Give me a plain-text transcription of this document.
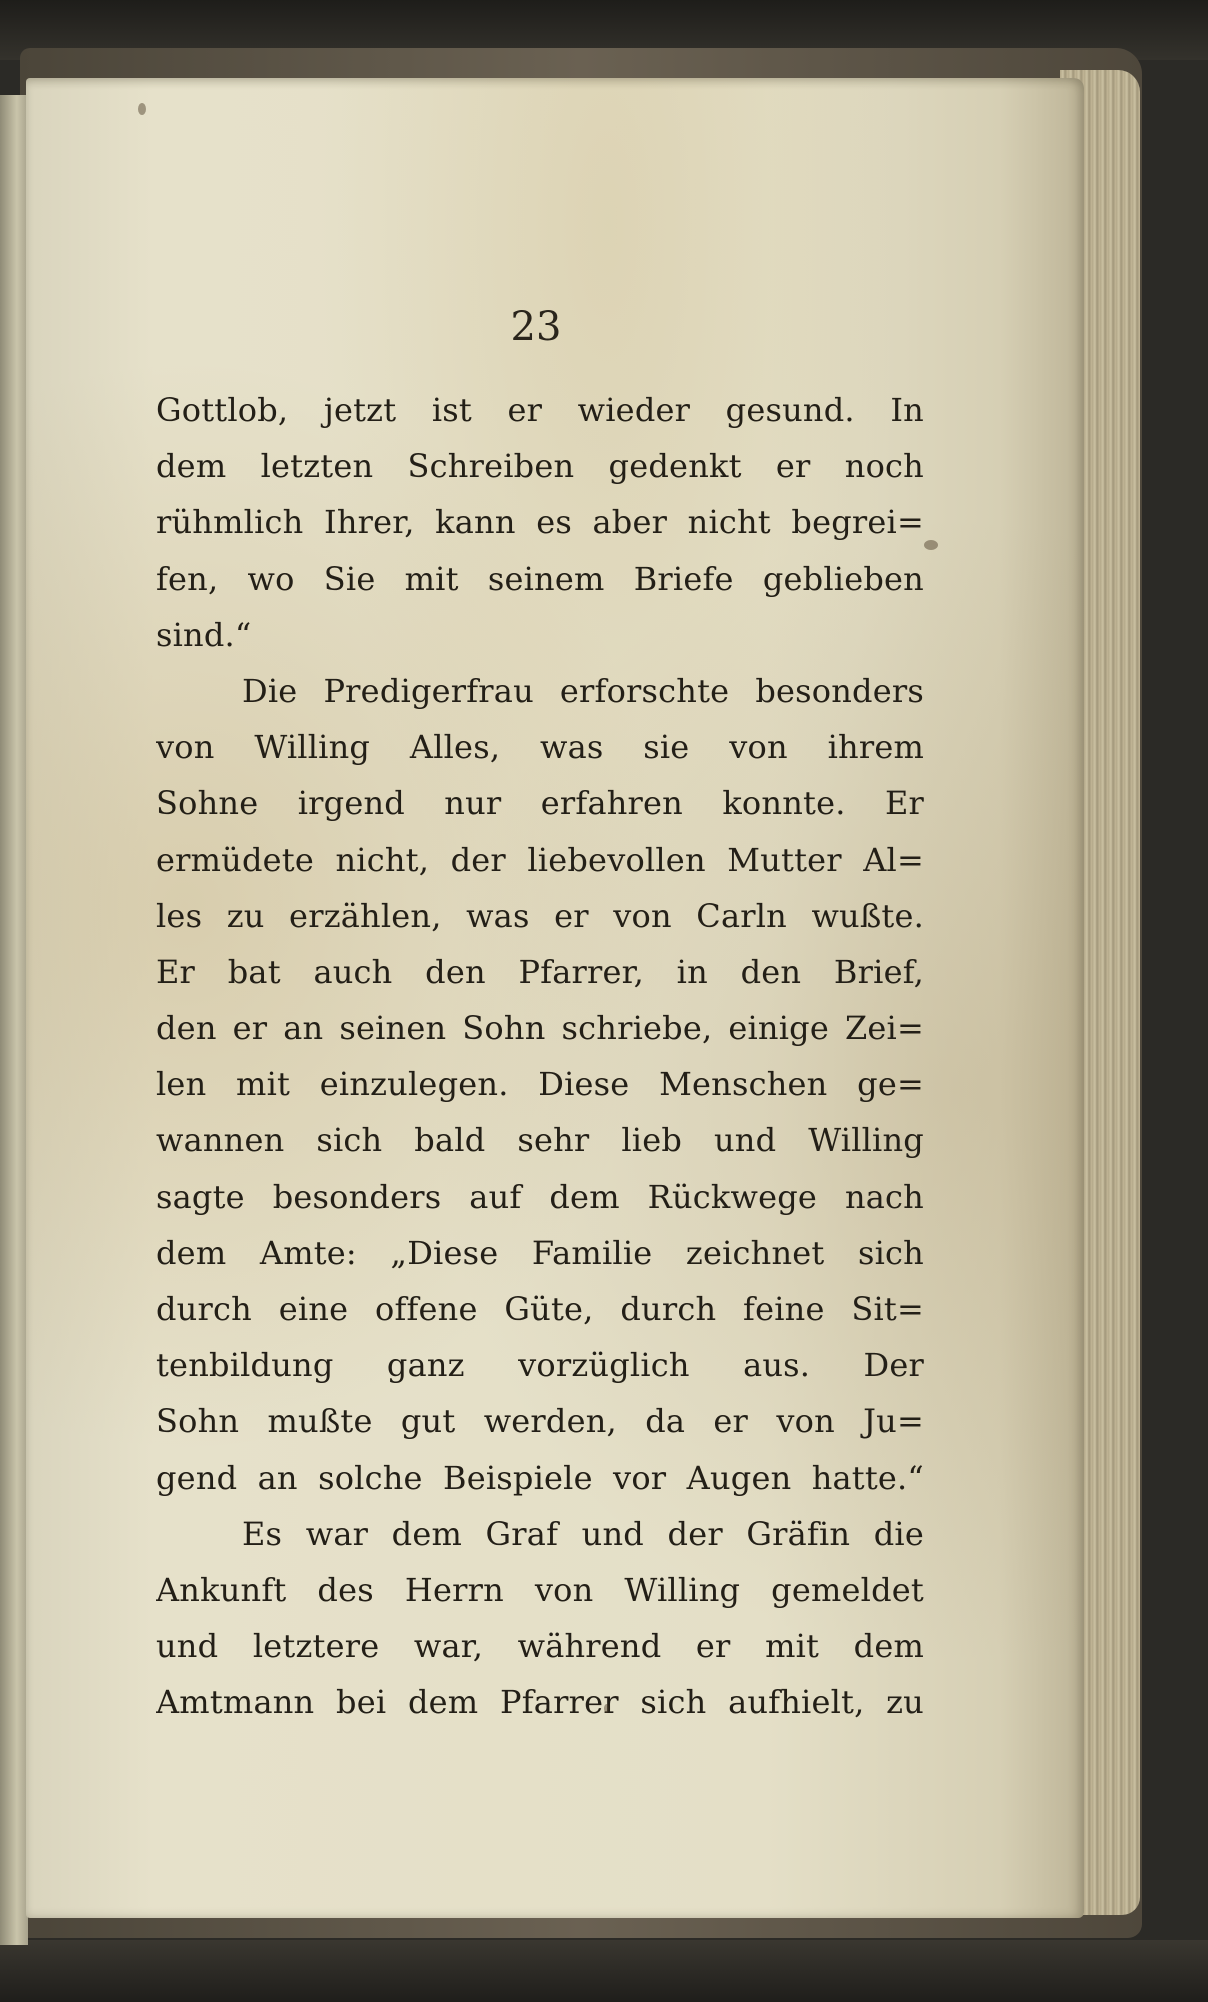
23
Gottlob, jetzt ist er wieder gesund. In
dem letzten Schreiben gedenkt er noch
rühmlich Ihrer, kann es aber nicht begrei=
fen, wo Sie mit seinem Briefe geblieben
sind.“
Die Predigerfrau erforschte besonders
von Willing Alles, was sie von ihrem
Sohne irgend nur erfahren konnte. Er
ermüdete nicht, der liebevollen Mutter Al=
les zu erzählen, was er von Carln wußte.
Er bat auch den Pfarrer, in den Brief,
den er an seinen Sohn schriebe, einige Zei=
len mit einzulegen. Diese Menschen ge=
wannen sich bald sehr lieb und Willing
sagte besonders auf dem Rückwege nach
dem Amte: „Diese Familie zeichnet sich
durch eine offene Güte, durch feine Sit=
tenbildung ganz vorzüglich aus. Der
Sohn mußte gut werden, da er von Ju=
gend an solche Beispiele vor Augen hatte.“
Es war dem Graf und der Gräfin die
Ankunft des Herrn von Willing gemeldet
und letztere war, während er mit dem
Amtmann bei dem Pfarrer sich aufhielt, zu
